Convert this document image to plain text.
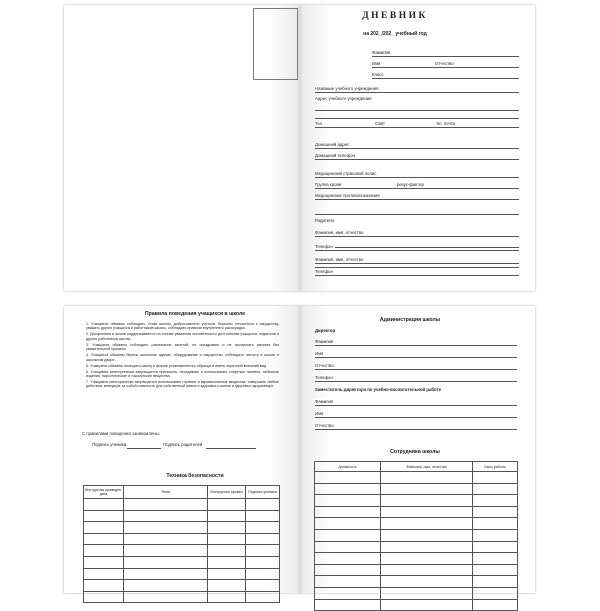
ДНЕВНИК
на 202_/202_ учебный год
Фамилия
Имя	Отчество
Класс
Название учебного учреждения
Адрес учебного учреждения
Тел.	Сайт	Эл. почта
Домашний адрес
Домашний телефон
Медицинский страховой полис
Группа крови	резус-фактор
Медицинские противопоказания
Родители
Фамилия, имя, отчество
Телефон
Фамилия, имя, отчество
Телефон
Правила поведения учащихся в школе

1. Учащиеся обязаны соблюдать Устав школы, добросовестно учиться, бережно относиться к имуществу, уважать других учащихся и работников школы, соблюдать правила внутреннего распорядка.

2. Дисциплина в школе поддерживается на основе уважения человеческого достоинства учащихся, педагогов и других работников школы.

3. Учащиеся обязаны соблюдать расписание занятий, не опаздывать и не пропускать занятия без уважительной причины.

4. Учащиеся обязаны беречь школьное здание, оборудование и имущество, соблюдать чистоту в школе и школьном дворе.

5. Учащиеся обязаны посещать школу в форме установленного образца и иметь опрятный внешний вид.

6. Учащимся категорически запрещается приносить, передавать и использовать спиртные напитки, табачные изделия, наркотические и токсические вещества.

7. Учащимся категорически запрещается использовать горючие и взрывоопасные вещества, совершать любые действия, влекущие за собой опасность для собственной жизни и здоровья и жизни и здоровья окружающих.

С правилами поведения ознакомлены.
Подпись ученика	Подпись родителей
Техника безопасности
Инструктаж проведен, дата	Тема	Инструктаж провел	Подпись ученика

Администрация школы
Директор
Фамилия
Имя
Отчество
Телефон
Заместитель директора по учебно-воспитательной работе
Фамилия
Имя
Отчество
Сотрудники школы
Должность	Фамилия, имя, отчество	Часы работы
